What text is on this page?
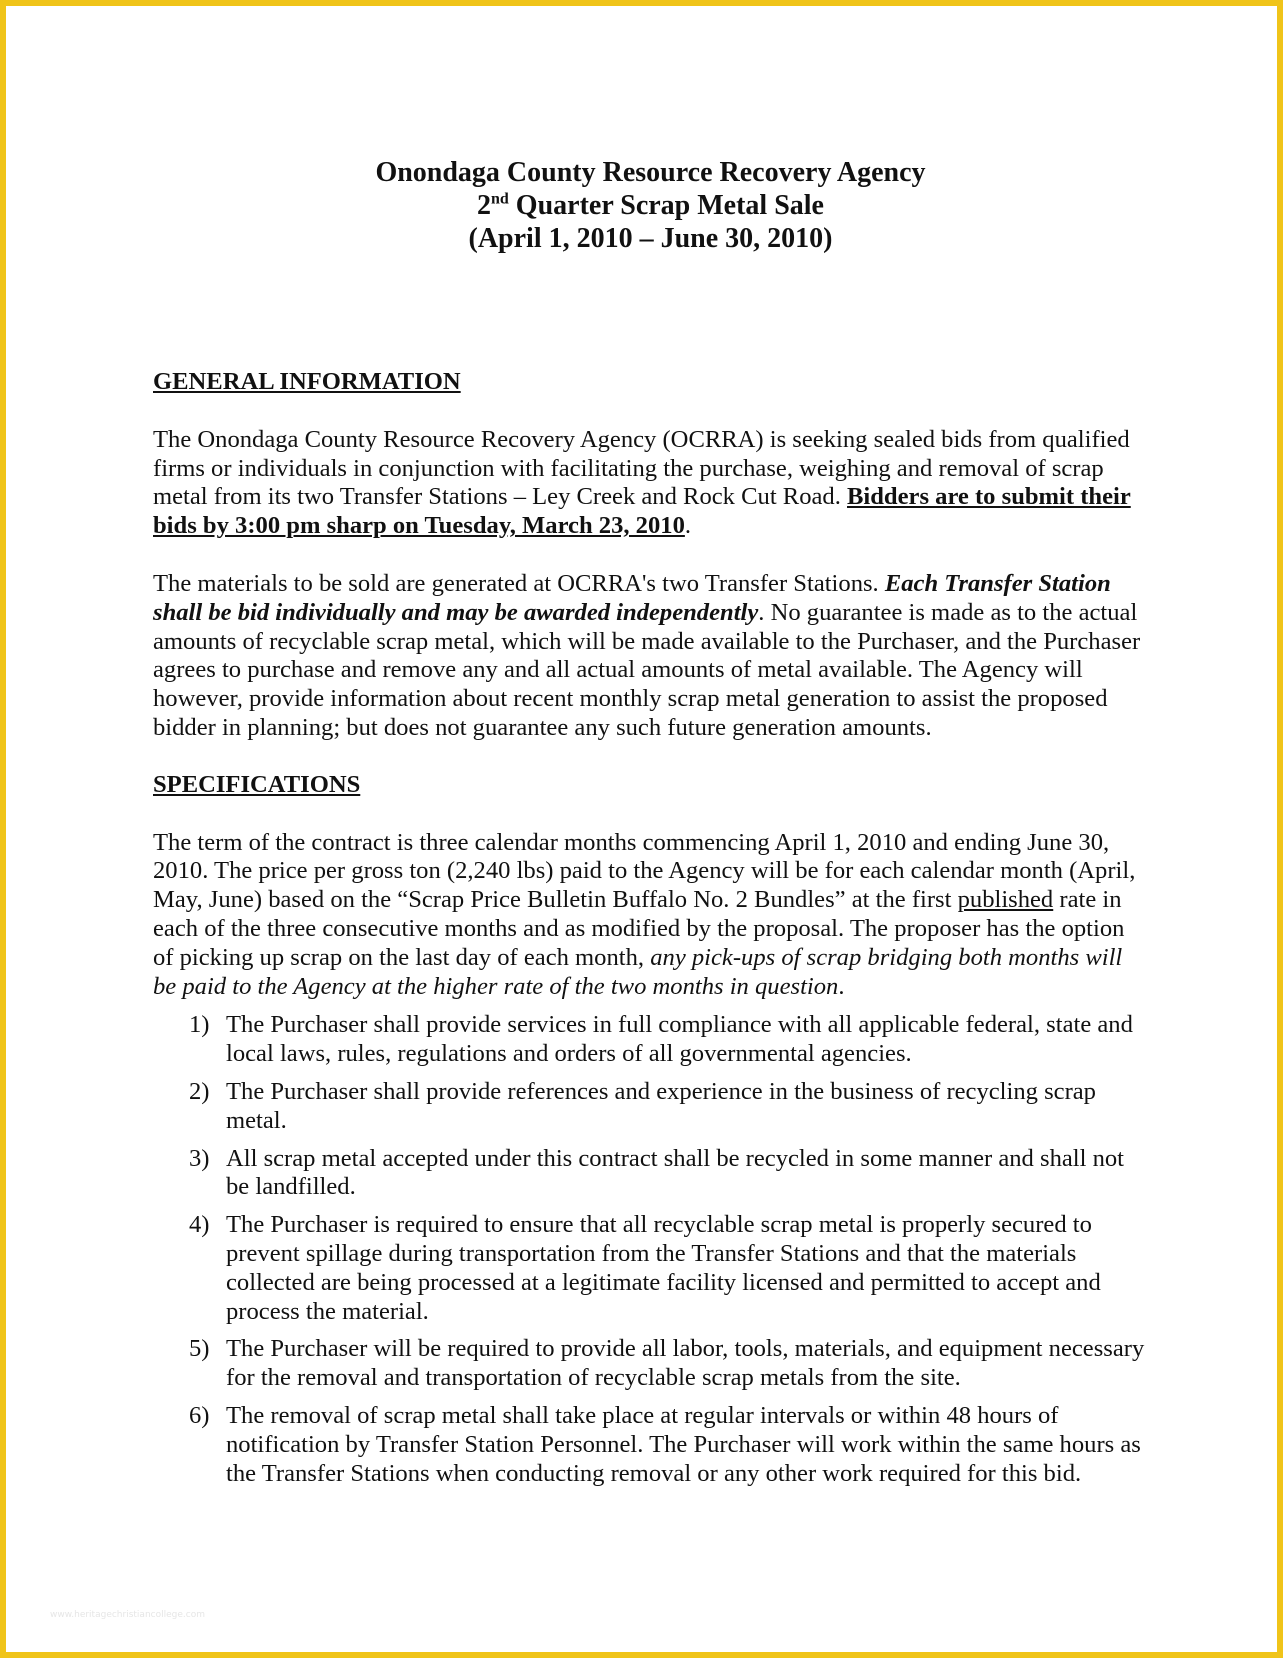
Onondaga County Resource Recovery Agency
2nd Quarter Scrap Metal Sale
(April 1, 2010 – June 30, 2010)
GENERAL INFORMATION

The Onondaga County Resource Recovery Agency (OCRRA) is seeking sealed bids from qualified firms or individuals in conjunction with facilitating the purchase, weighing and removal of scrap metal from its two Transfer Stations – Ley Creek and Rock Cut Road. Bidders are to submit their bids by 3:00 pm sharp on Tuesday, March 23, 2010.

The materials to be sold are generated at OCRRA's two Transfer Stations. Each Transfer Station shall be bid individually and may be awarded independently. No guarantee is made as to the actual amounts of recyclable scrap metal, which will be made available to the Purchaser, and the Purchaser agrees to purchase and remove any and all actual amounts of metal available. The Agency will however, provide information about recent monthly scrap metal generation to assist the proposed bidder in planning; but does not guarantee any such future generation amounts.

SPECIFICATIONS

The term of the contract is three calendar months commencing April 1, 2010 and ending June 30, 2010. The price per gross ton (2,240 lbs) paid to the Agency will be for each calendar month (April, May, June) based on the “Scrap Price Bulletin Buffalo No. 2 Bundles” at the first published rate in each of the three consecutive months and as modified by the proposal. The proposer has the option of picking up scrap on the last day of each month, any pick-ups of scrap bridging both months will be paid to the Agency at the higher rate of the two months in question.

1) The Purchaser shall provide services in full compliance with all applicable federal, state and local laws, rules, regulations and orders of all governmental agencies.
2) The Purchaser shall provide references and experience in the business of recycling scrap metal.
3) All scrap metal accepted under this contract shall be recycled in some manner and shall not be landfilled.
4) The Purchaser is required to ensure that all recyclable scrap metal is properly secured to prevent spillage during transportation from the Transfer Stations and that the materials collected are being processed at a legitimate facility licensed and permitted to accept and process the material.
5) The Purchaser will be required to provide all labor, tools, materials, and equipment necessary for the removal and transportation of recyclable scrap metals from the site.
6) The removal of scrap metal shall take place at regular intervals or within 48 hours of notification by Transfer Station Personnel. The Purchaser will work within the same hours as the Transfer Stations when conducting removal or any other work required for this bid.
www.heritagechristiancollege.com
